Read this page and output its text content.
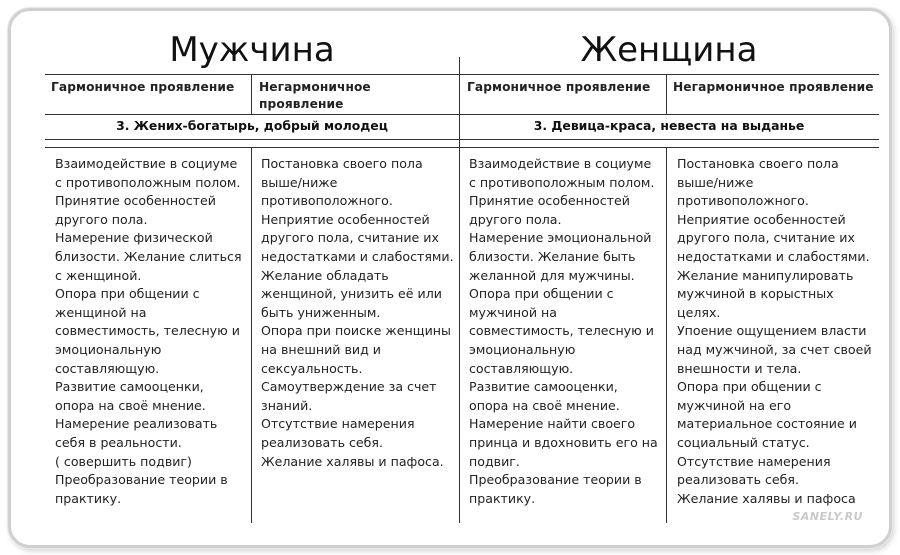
Мужчина	Женщина
Гармоничное проявление Негармоничное
проявление
Гармоничное проявление Негармоничное проявление
3. Жених-богатырь, добрый молодец	3. Девица-краса, невеста на выданье
Взаимодействие в социуме
с противоположным полом.
Принятие особенностей
другого пола.
Намерение физической
близости. Желание слиться
с женщиной.
Опора при общении с
женщиной на
совместимость, телесную и
эмоциональную
составляющую.
Развитие самооценки,
опора на своё мнение.
Намерение реализовать
себя в реальности.
( совершить подвиг)
Преобразование теории в
практику.
Постановка своего пола
выше/ниже
противоположного.
Неприятие особенностей
другого пола, считание их
недостатками и слабостями.
Желание обладать
женщиной, унизить её или
быть униженным.
Опора при поиске женщины
на внешний вид и
сексуальность.
Самоутверждение за счет
знаний.
Отсутствие намерения
реализовать себя.
Желание халявы и пафоса.
Взаимодействие в социуме
с противоположным полом.
Принятие особенностей
другого пола.
Намерение эмоциональной
близости. Желание быть
желанной для мужчины.
Опора при общении с
мужчиной на
совместимость, телесную и
эмоциональную
составляющую.
Развитие самооценки,
опора на своё мнение.
Намерение найти своего
принца и вдохновить его на
подвиг.
Преобразование теории в
практику.
Постановка своего пола
выше/ниже
противоположного.
Неприятие особенностей
другого пола, считание их
недостатками и слабостями.
Желание манипулировать
мужчиной в корыстных
целях.
Упоение ощущением власти
над мужчиной, за счет своей
внешности и тела.
Опора при общении с
мужчиной на его
материальное состояние и
социальный статус.
Отсутствие намерения
реализовать себя.
Желание халявы и пафоса
SANELY.RU
